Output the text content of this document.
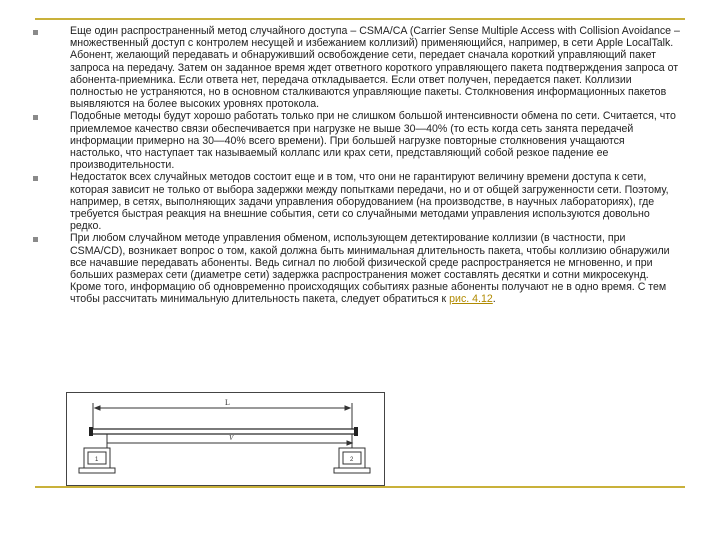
Еще один распространенный метод случайного доступа – CSMA/CA (Carrier Sense Multiple Access with Collision Avoidance – множественный доступ с контролем несущей и избежанием коллизий) применяющийся, например, в сети Apple LocalTalk. Абонент, желающий передавать и обнаруживший освобождение сети, передает сначала короткий управляющий пакет запроса на передачу. Затем он заданное время ждет ответного короткого управляющего пакета подтверждения запроса от абонента-приемника. Если ответа нет, передача откладывается. Если ответ получен, передается пакет. Коллизии полностью не устраняются, но в основном сталкиваются управляющие пакеты. Столкновения информационных пакетов выявляются на более высоких уровнях протокола.
Подобные методы будут хорошо работать только при не слишком большой интенсивности обмена по сети. Считается, что приемлемое качество связи обеспечивается при нагрузке не выше 30—40% (то есть когда сеть занята передачей информации примерно на 30—40% всего времени). При большей нагрузке повторные столкновения учащаются настолько, что наступает так называемый коллапс или крах сети, представляющий собой резкое падение ее производительности.
Недостаток всех случайных методов состоит еще и в том, что они не гарантируют величину времени доступа к сети, которая зависит не только от выбора задержки между попытками передачи, но и от общей загруженности сети. Поэтому, например, в сетях, выполняющих задачи управления оборудованием (на производстве, в научных лабораториях), где требуется быстрая реакция на внешние события, сети со случайными методами управления используются довольно редко.
При любом случайном методе управления обменом, использующем детектирование коллизии (в частности, при CSMA/CD), возникает вопрос о том, какой должна быть минимальная длительность пакета, чтобы коллизию обнаружили все начавшие передавать абоненты. Ведь сигнал по любой физической среде распространяется не мгновенно, и при больших размерах сети (диаметре сети) задержка распространения может составлять десятки и сотни микросекунд. Кроме того, информацию об одновременно происходящих событиях разные абоненты получают не в одно время. С тем чтобы рассчитать минимальную длительность пакета, следует обратиться к рис. 4.12.
L
V
1	2
